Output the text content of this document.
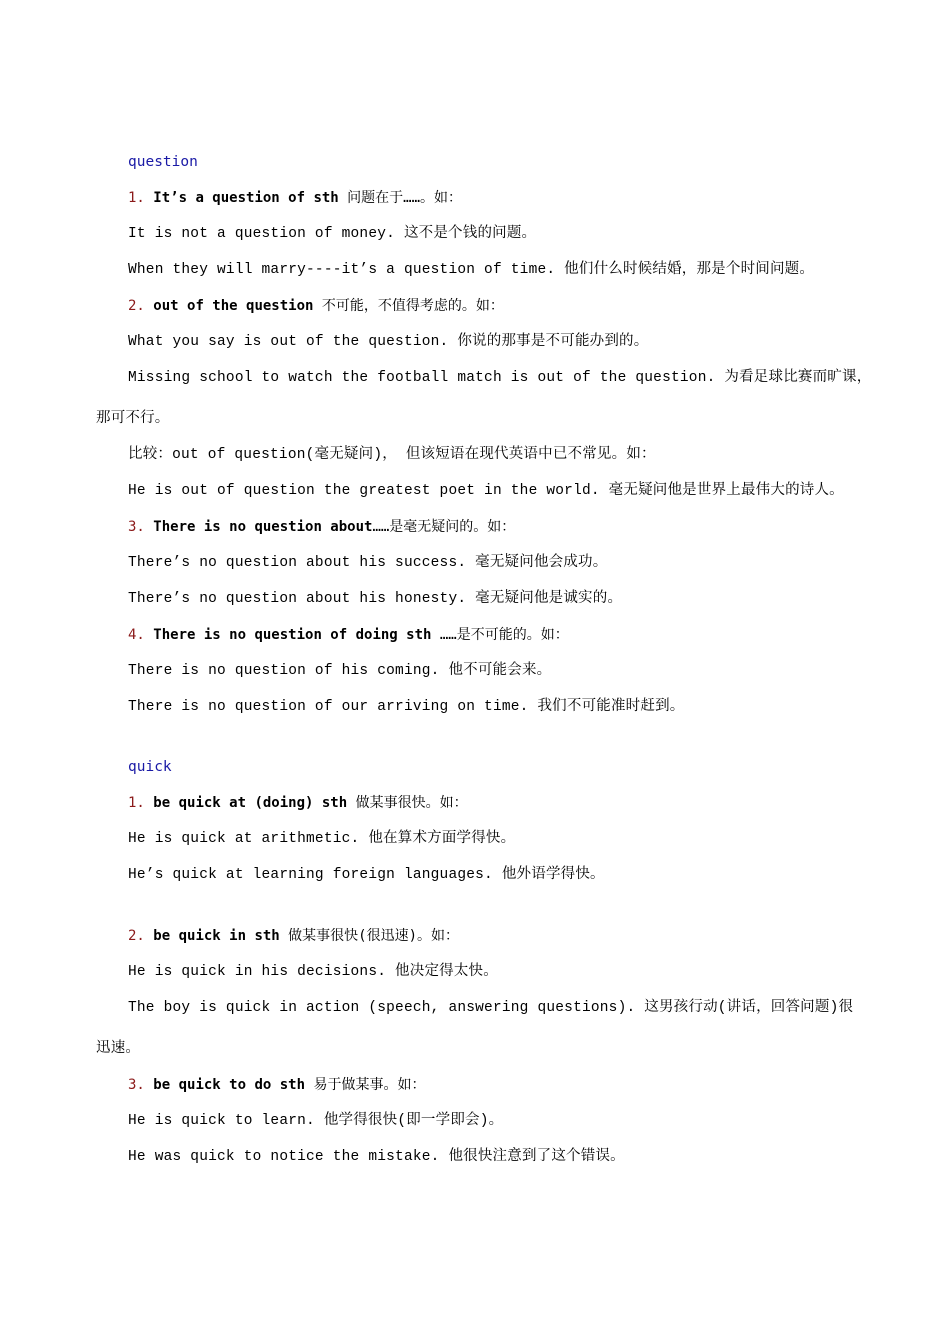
question
1. It’s a question of sth 问题在于……。如：
It is not a question of money. 这不是个钱的问题。
When they will marry----it’s a question of time. 他们什么时候结婚，那是个时间问题。
2. out of the question 不可能，不值得考虑的。如：
What you say is out of the question. 你说的那事是不可能办到的。
Missing school to watch the football match is out of the question. 为看足球比赛而旷课，
那可不行。
比较：out of question(毫无疑问)， 但该短语在现代英语中已不常见。如：
He is out of question the greatest poet in the world. 毫无疑问他是世界上最伟大的诗人。
3. There is no question about……是毫无疑问的。如：
There’s no question about his success. 毫无疑问他会成功。
There’s no question about his honesty. 毫无疑问他是诚实的。
4. There is no question of doing sth ……是不可能的。如：
There is no question of his coming. 他不可能会来。
There is no question of our arriving on time. 我们不可能准时赶到。
quick
1. be quick at (doing) sth 做某事很快。如：
He is quick at arithmetic. 他在算术方面学得快。
He’s quick at learning foreign languages. 他外语学得快。
2. be quick in sth 做某事很快(很迅速)。如：
He is quick in his decisions. 他决定得太快。
The boy is quick in action (speech, answering questions). 这男孩行动(讲话，回答问题)很
迅速。
3. be quick to do sth 易于做某事。如：
He is quick to learn. 他学得很快(即一学即会)。
He was quick to notice the mistake. 他很快注意到了这个错误。
